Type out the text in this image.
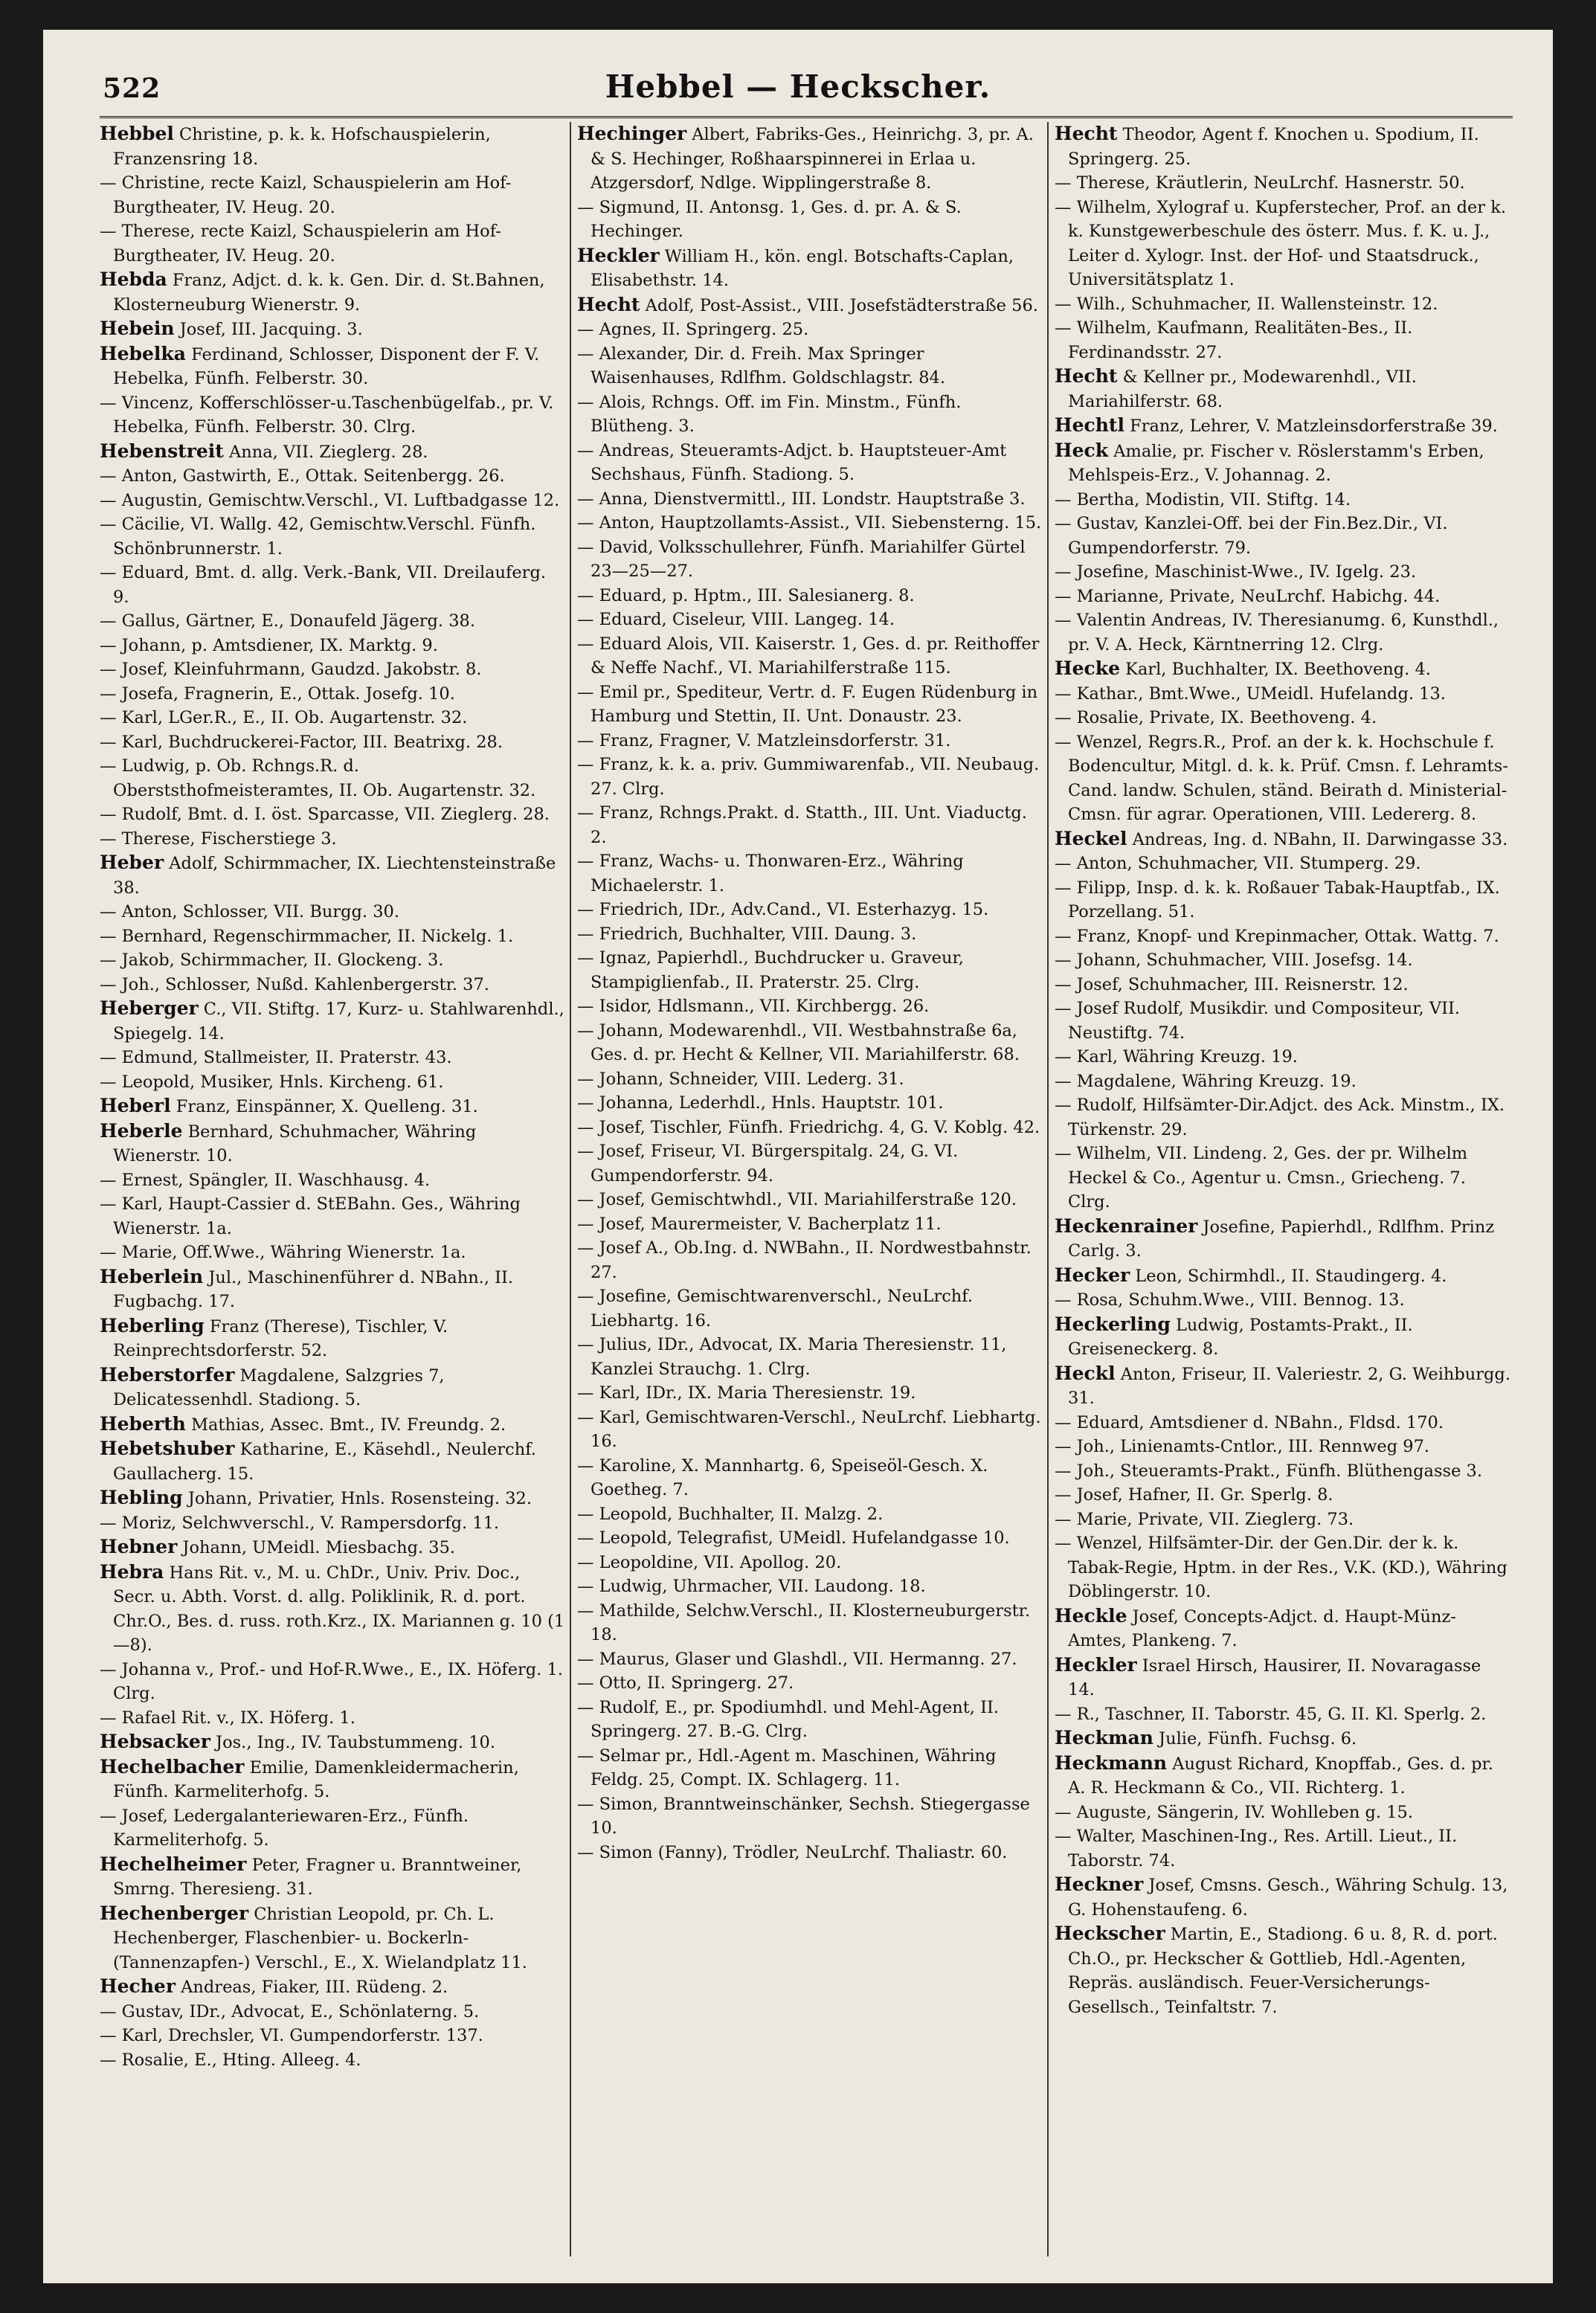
522	Hebbel — Heckscher.

Hebbel Christine, p. k. k. Hofschauspielerin, Franzensring 18.

— Christine, recte Kaizl, Schauspielerin am Hof-Burgtheater, IV. Heug. 20.

— Therese, recte Kaizl, Schauspielerin am Hof-Burgtheater, IV. Heug. 20.

Hebda Franz, Adjct. d. k. k. Gen. Dir. d. St.Bahnen, Klosterneuburg Wienerstr. 9.

Hebein Josef, III. Jacquing. 3.

Hebelka Ferdinand, Schlosser, Disponent der F. V. Hebelka, Fünfh. Felberstr. 30.

— Vincenz, Kofferschlösser-u.Taschenbügelfab., pr. V. Hebelka, Fünfh. Felberstr. 30. Clrg.

Hebenstreit Anna, VII. Zieglerg. 28.

— Anton, Gastwirth, E., Ottak. Seitenbergg. 26.

— Augustin, Gemischtw.Verschl., VI. Luftbadgasse 12.

— Cäcilie, VI. Wallg. 42, Gemischtw.Verschl. Fünfh. Schönbrunnerstr. 1.

— Eduard, Bmt. d. allg. Verk.-Bank, VII. Dreilauferg. 9.

— Gallus, Gärtner, E., Donaufeld Jägerg. 38.

— Johann, p. Amtsdiener, IX. Marktg. 9.

— Josef, Kleinfuhrmann, Gaudzd. Jakobstr. 8.

— Josefa, Fragnerin, E., Ottak. Josefg. 10.

— Karl, LGer.R., E., II. Ob. Augartenstr. 32.

— Karl, Buchdruckerei-Factor, III. Beatrixg. 28.

— Ludwig, p. Ob. Rchngs.R. d. Oberststhofmeisteramtes, II. Ob. Augartenstr. 32.

— Rudolf, Bmt. d. I. öst. Sparcasse, VII. Zieglerg. 28.

— Therese, Fischerstiege 3.

Heber Adolf, Schirmmacher, IX. Liechtensteinstraße 38.

— Anton, Schlosser, VII. Burgg. 30.

— Bernhard, Regenschirmmacher, II. Nickelg. 1.

— Jakob, Schirmmacher, II. Glockeng. 3.

— Joh., Schlosser, Nußd. Kahlenbergerstr. 37.

Heberger C., VII. Stiftg. 17, Kurz- u. Stahlwarenhdl., Spiegelg. 14.

— Edmund, Stallmeister, II. Praterstr. 43.

— Leopold, Musiker, Hnls. Kircheng. 61.

Heberl Franz, Einspänner, X. Quelleng. 31.

Heberle Bernhard, Schuhmacher, Währing Wienerstr. 10.

— Ernest, Spängler, II. Waschhausg. 4.

— Karl, Haupt-Cassier d. StEBahn. Ges., Währing Wienerstr. 1a.

— Marie, Off.Wwe., Währing Wienerstr. 1a.

Heberlein Jul., Maschinenführer d. NBahn., II. Fugbachg. 17.

Heberling Franz (Therese), Tischler, V. Reinprechtsdorferstr. 52.

Heberstorfer Magdalene, Salzgries 7, Delicatessenhdl. Stadiong. 5.

Heberth Mathias, Assec. Bmt., IV. Freundg. 2.

Hebetshuber Katharine, E., Käsehdl., Neulerchf. Gaullacherg. 15.

Hebling Johann, Privatier, Hnls. Rosensteing. 32.

— Moriz, Selchwverschl., V. Rampersdorfg. 11.

Hebner Johann, UMeidl. Miesbachg. 35.

Hebra Hans Rit. v., M. u. ChDr., Univ. Priv. Doc., Secr. u. Abth. Vorst. d. allg. Poliklinik, R. d. port. Chr.O., Bes. d. russ. roth.Krz., IX. Mariannen g. 10 (1—8).

— Johanna v., Prof.- und Hof-R.Wwe., E., IX. Höferg. 1. Clrg.

— Rafael Rit. v., IX. Höferg. 1.

Hebsacker Jos., Ing., IV. Taubstummeng. 10.

Hechelbacher Emilie, Damenkleidermacherin, Fünfh. Karmeliterhofg. 5.

— Josef, Ledergalanteriewaren-Erz., Fünfh. Karmeliterhofg. 5.

Hechelheimer Peter, Fragner u. Branntweiner, Smrng. Theresieng. 31.

Hechenberger Christian Leopold, pr. Ch. L. Hechenberger, Flaschenbier- u. Bockerln- (Tannenzapfen-) Verschl., E., X. Wielandplatz 11.

Hecher Andreas, Fiaker, III. Rüdeng. 2.

— Gustav, IDr., Advocat, E., Schönlaterng. 5.

— Karl, Drechsler, VI. Gumpendorferstr. 137.

— Rosalie, E., Hting. Alleeg. 4.

Hechinger Albert, Fabriks-Ges., Heinrichg. 3, pr. A. & S. Hechinger, Roßhaarspinnerei in Erlaa u. Atzgersdorf, Ndlge. Wipplingerstraße 8.

— Sigmund, II. Antonsg. 1, Ges. d. pr. A. & S. Hechinger.

Heckler William H., kön. engl. Botschafts-Caplan, Elisabethstr. 14.

Hecht Adolf, Post-Assist., VIII. Josefstädterstraße 56.

— Agnes, II. Springerg. 25.

— Alexander, Dir. d. Freih. Max Springer Waisenhauses, Rdlfhm. Goldschlagstr. 84.

— Alois, Rchngs. Off. im Fin. Minstm., Fünfh. Blütheng. 3.

— Andreas, Steueramts-Adjct. b. Hauptsteuer-Amt Sechshaus, Fünfh. Stadiong. 5.

— Anna, Dienstvermittl., III. Londstr. Hauptstraße 3.

— Anton, Hauptzollamts-Assist., VII. Siebensterng. 15.

— David, Volksschullehrer, Fünfh. Mariahilfer Gürtel 23—25—27.

— Eduard, p. Hptm., III. Salesianerg. 8.

— Eduard, Ciseleur, VIII. Langeg. 14.

— Eduard Alois, VII. Kaiserstr. 1, Ges. d. pr. Reithoffer & Neffe Nachf., VI. Mariahilferstraße 115.

— Emil pr., Spediteur, Vertr. d. F. Eugen Rüdenburg in Hamburg und Stettin, II. Unt. Donaustr. 23.

— Franz, Fragner, V. Matzleinsdorferstr. 31.

— Franz, k. k. a. priv. Gummiwarenfab., VII. Neubaug. 27. Clrg.

— Franz, Rchngs.Prakt. d. Statth., III. Unt. Viaductg. 2.

— Franz, Wachs- u. Thonwaren-Erz., Währing Michaelerstr. 1.

— Friedrich, IDr., Adv.Cand., VI. Esterhazyg. 15.

— Friedrich, Buchhalter, VIII. Daung. 3.

— Ignaz, Papierhdl., Buchdrucker u. Graveur, Stampiglienfab., II. Praterstr. 25. Clrg.

— Isidor, Hdlsmann., VII. Kirchbergg. 26.

— Johann, Modewarenhdl., VII. Westbahnstraße 6a, Ges. d. pr. Hecht & Kellner, VII. Mariahilferstr. 68.

— Johann, Schneider, VIII. Lederg. 31.

— Johanna, Lederhdl., Hnls. Hauptstr. 101.

— Josef, Tischler, Fünfh. Friedrichg. 4, G. V. Koblg. 42.

— Josef, Friseur, VI. Bürgerspitalg. 24, G. VI. Gumpendorferstr. 94.

— Josef, Gemischtwhdl., VII. Mariahilferstraße 120.

— Josef, Maurermeister, V. Bacherplatz 11.

— Josef A., Ob.Ing. d. NWBahn., II. Nordwestbahnstr. 27.

— Josefine, Gemischtwarenverschl., NeuLrchf. Liebhartg. 16.

— Julius, IDr., Advocat, IX. Maria Theresienstr. 11, Kanzlei Strauchg. 1. Clrg.

— Karl, IDr., IX. Maria Theresienstr. 19.

— Karl, Gemischtwaren-Verschl., NeuLrchf. Liebhartg. 16.

— Karoline, X. Mannhartg. 6, Speiseöl-Gesch. X. Goetheg. 7.

— Leopold, Buchhalter, II. Malzg. 2.

— Leopold, Telegrafist, UMeidl. Hufelandgasse 10.

— Leopoldine, VII. Apollog. 20.

— Ludwig, Uhrmacher, VII. Laudong. 18.

— Mathilde, Selchw.Verschl., II. Klosterneuburgerstr. 18.

— Maurus, Glaser und Glashdl., VII. Hermanng. 27.

— Otto, II. Springerg. 27.

— Rudolf, E., pr. Spodiumhdl. und Mehl-Agent, II. Springerg. 27. B.-G. Clrg.

— Selmar pr., Hdl.-Agent m. Maschinen, Währing Feldg. 25, Compt. IX. Schlagerg. 11.

— Simon, Branntweinschänker, Sechsh. Stiegergasse 10.

— Simon (Fanny), Trödler, NeuLrchf. Thaliastr. 60.

Hecht Theodor, Agent f. Knochen u. Spodium, II. Springerg. 25.

— Therese, Kräutlerin, NeuLrchf. Hasnerstr. 50.

— Wilhelm, Xylograf u. Kupferstecher, Prof. an der k. k. Kunstgewerbeschule des österr. Mus. f. K. u. J., Leiter d. Xylogr. Inst. der Hof- und Staatsdruck., Universitätsplatz 1.

— Wilh., Schuhmacher, II. Wallensteinstr. 12.

— Wilhelm, Kaufmann, Realitäten-Bes., II. Ferdinandsstr. 27.

Hecht & Kellner pr., Modewarenhdl., VII. Mariahilferstr. 68.

Hechtl Franz, Lehrer, V. Matzleinsdorferstraße 39.

Heck Amalie, pr. Fischer v. Röslerstamm's Erben, Mehlspeis-Erz., V. Johannag. 2.

— Bertha, Modistin, VII. Stiftg. 14.

— Gustav, Kanzlei-Off. bei der Fin.Bez.Dir., VI. Gumpendorferstr. 79.

— Josefine, Maschinist-Wwe., IV. Igelg. 23.

— Marianne, Private, NeuLrchf. Habichg. 44.

— Valentin Andreas, IV. Theresianumg. 6, Kunsthdl., pr. V. A. Heck, Kärntnerring 12. Clrg.

Hecke Karl, Buchhalter, IX. Beethoveng. 4.

— Kathar., Bmt.Wwe., UMeidl. Hufelandg. 13.

— Rosalie, Private, IX. Beethoveng. 4.

— Wenzel, Regrs.R., Prof. an der k. k. Hochschule f. Bodencultur, Mitgl. d. k. k. Prüf. Cmsn. f. Lehramts-Cand. landw. Schulen, ständ. Beirath d. Ministerial-Cmsn. für agrar. Operationen, VIII. Ledererg. 8.

Heckel Andreas, Ing. d. NBahn, II. Darwingasse 33.

— Anton, Schuhmacher, VII. Stumperg. 29.

— Filipp, Insp. d. k. k. Roßauer Tabak-Hauptfab., IX. Porzellang. 51.

— Franz, Knopf- und Krepinmacher, Ottak. Wattg. 7.

— Johann, Schuhmacher, VIII. Josefsg. 14.

— Josef, Schuhmacher, III. Reisnerstr. 12.

— Josef Rudolf, Musikdir. und Compositeur, VII. Neustiftg. 74.

— Karl, Währing Kreuzg. 19.

— Magdalene, Währing Kreuzg. 19.

— Rudolf, Hilfsämter-Dir.Adjct. des Ack. Minstm., IX. Türkenstr. 29.

— Wilhelm, VII. Lindeng. 2, Ges. der pr. Wilhelm Heckel & Co., Agentur u. Cmsn., Griecheng. 7. Clrg.

Heckenrainer Josefine, Papierhdl., Rdlfhm. Prinz Carlg. 3.

Hecker Leon, Schirmhdl., II. Staudingerg. 4.

— Rosa, Schuhm.Wwe., VIII. Bennog. 13.

Heckerling Ludwig, Postamts-Prakt., II. Greiseneckerg. 8.

Heckl Anton, Friseur, II. Valeriestr. 2, G. Weihburgg. 31.

— Eduard, Amtsdiener d. NBahn., Fldsd. 170.

— Joh., Linienamts-Cntlor., III. Rennweg 97.

— Joh., Steueramts-Prakt., Fünfh. Blüthengasse 3.

— Josef, Hafner, II. Gr. Sperlg. 8.

— Marie, Private, VII. Zieglerg. 73.

— Wenzel, Hilfsämter-Dir. der Gen.Dir. der k. k. Tabak-Regie, Hptm. in der Res., V.K. (KD.), Währing Döblingerstr. 10.

Heckle Josef, Concepts-Adjct. d. Haupt-Münz-Amtes, Plankeng. 7.

Heckler Israel Hirsch, Hausirer, II. Novaragasse 14.

— R., Taschner, II. Taborstr. 45, G. II. Kl. Sperlg. 2.

Heckman Julie, Fünfh. Fuchsg. 6.

Heckmann August Richard, Knopffab., Ges. d. pr. A. R. Heckmann & Co., VII. Richterg. 1.

— Auguste, Sängerin, IV. Wohlleben g. 15.

— Walter, Maschinen-Ing., Res. Artill. Lieut., II. Taborstr. 74.

Heckner Josef, Cmsns. Gesch., Währing Schulg. 13, G. Hohenstaufeng. 6.

Heckscher Martin, E., Stadiong. 6 u. 8, R. d. port. Ch.O., pr. Heckscher & Gottlieb, Hdl.-Agenten, Repräs. ausländisch. Feuer-Versicherungs-Gesellsch., Teinfaltstr. 7.
